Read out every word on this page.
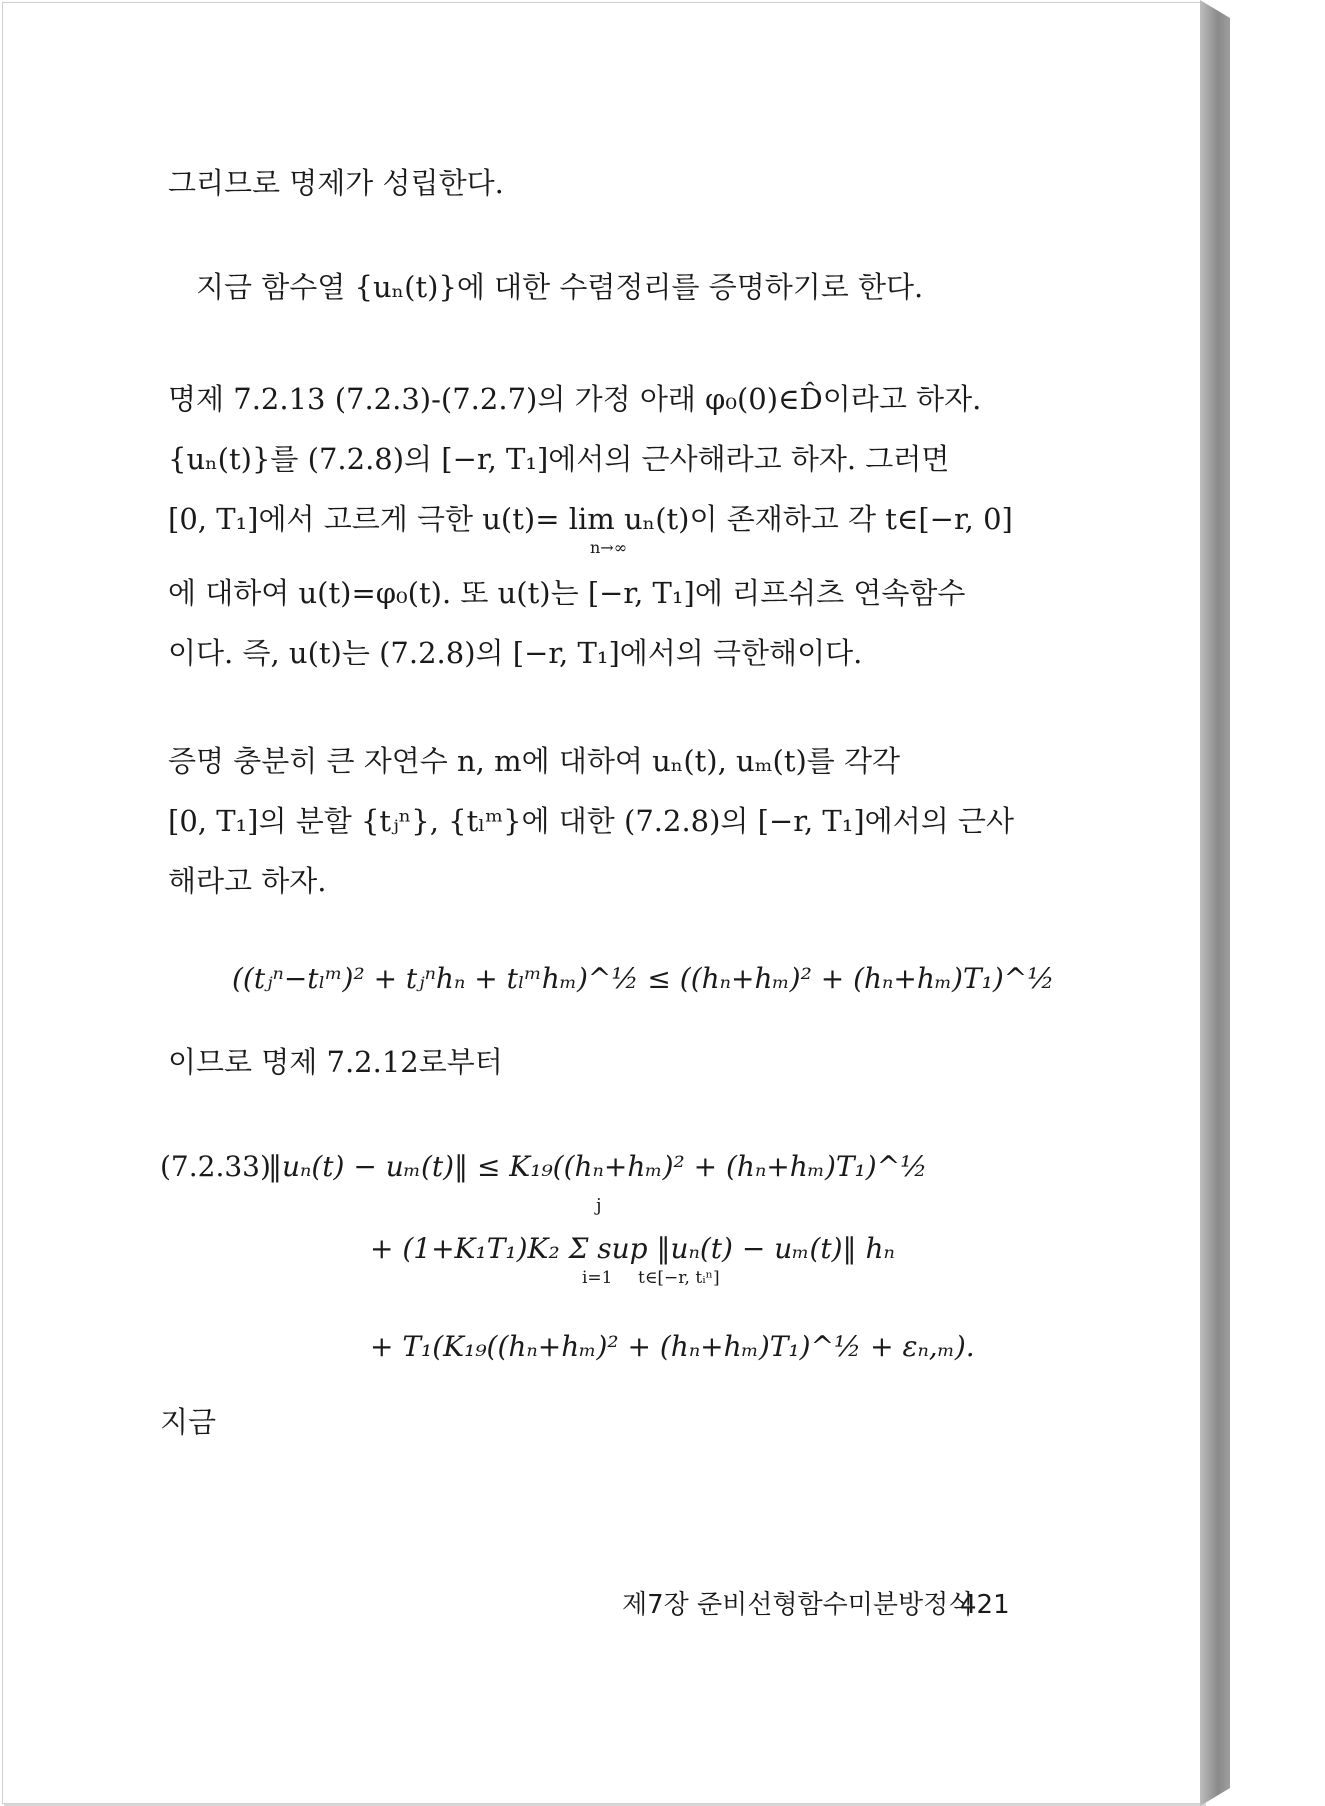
그리므로 명제가 성립한다.
지금 함수열 {uₙ(t)}에 대한 수렴정리를 증명하기로 한다.
명제 7.2.13 (7.2.3)-(7.2.7)의 가정 아래 φ₀(0)∈D̂이라고 하자.
{uₙ(t)}를 (7.2.8)의 [−r, T₁]에서의 근사해라고 하자. 그러면
[0, T₁]에서 고르게 극한 u(t)= lim uₙ(t)이 존재하고 각 t∈[−r, 0]
n→∞
에 대하여 u(t)=φ₀(t). 또 u(t)는 [−r, T₁]에 리프쉬츠 연속함수
이다. 즉, u(t)는 (7.2.8)의 [−r, T₁]에서의 극한해이다.
증명 충분히 큰 자연수 n, m에 대하여 uₙ(t), uₘ(t)를 각각
[0, T₁]의 분할 {tⱼⁿ}, {tₗᵐ}에 대한 (7.2.8)의 [−r, T₁]에서의 근사
해라고 하자.
((tⱼⁿ−tₗᵐ)² + tⱼⁿhₙ + tₗᵐhₘ)^½ ≤ ((hₙ+hₘ)² + (hₙ+hₘ)T₁)^½
이므로 명제 7.2.12로부터
(7.2.33)
‖uₙ(t) − uₘ(t)‖ ≤ K₁₉((hₙ+hₘ)² + (hₙ+hₘ)T₁)^½
j
+ (1+K₁T₁)K₂ Σ sup ‖uₙ(t) − uₘ(t)‖ hₙ
i=1 t∈[−r, tᵢⁿ]
+ T₁(K₁₉((hₙ+hₘ)² + (hₙ+hₘ)T₁)^½ + εₙ,ₘ).
지금
제7장 준비선형함수미분방정식
421
